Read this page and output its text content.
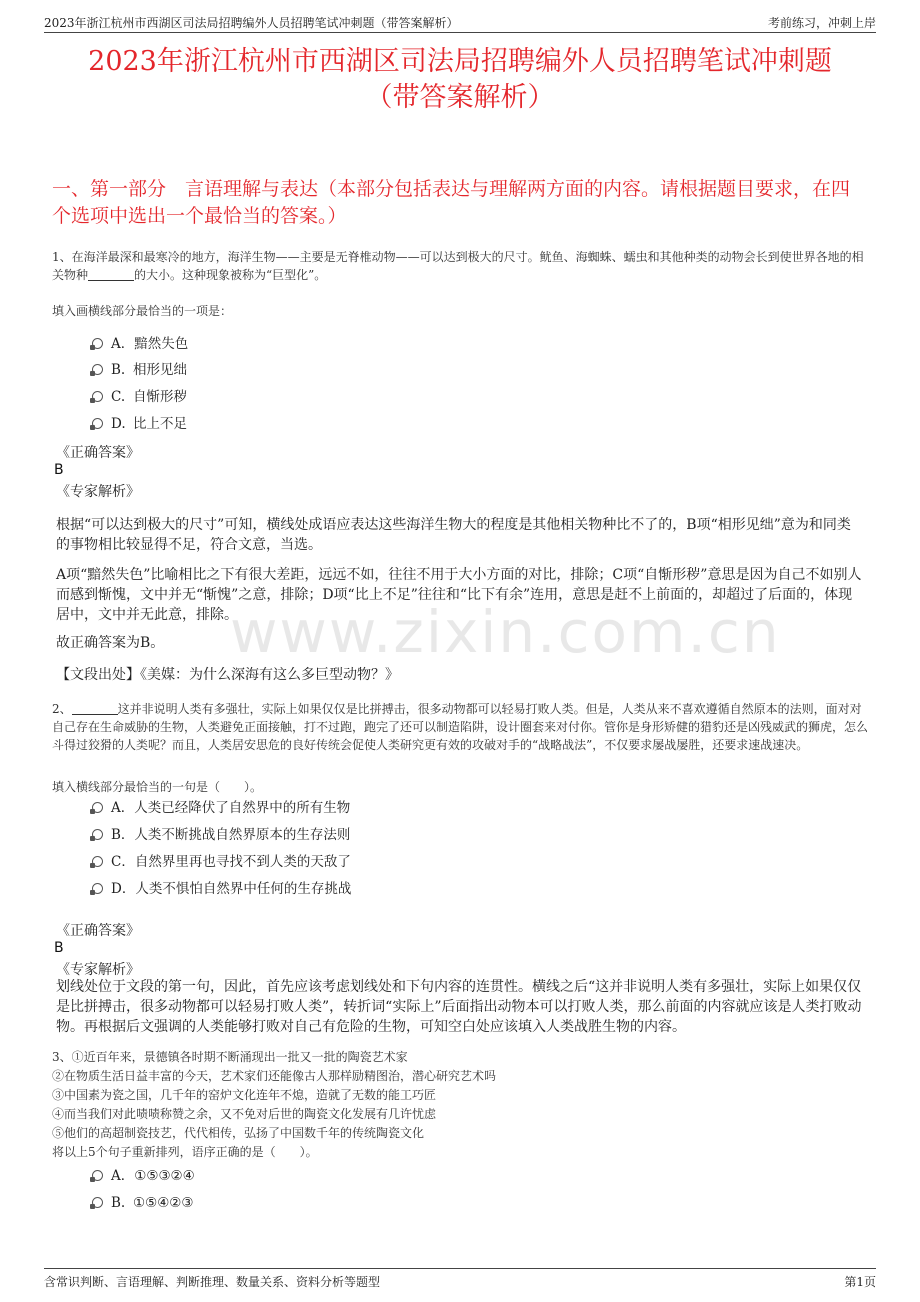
2023年浙江杭州市西湖区司法局招聘编外人员招聘笔试冲刺题（带答案解析）	考前练习，冲刺上岸
2023年浙江杭州市西湖区司法局招聘编外人员招聘笔试冲刺题
（带答案解析）
一、第一部分　言语理解与表达（本部分包括表达与理解两方面的内容。请根据题目要求，在四个选项中选出一个最恰当的答案。）
www.zixin.com.cn
1、在海洋最深和最寒冷的地方，海洋生物——主要是无脊椎动物——可以达到极大的尺寸。鱿鱼、海蜘蛛、蠕虫和其他种类的动物会长到使世界各地的相关物种	的大小。这种现象被称为“巨型化”。
填入画横线部分最恰当的一项是：
A．黯然失色
B. 相形见绌
C. 自惭形秽
D. 比上不足
《正确答案》
B
《专家解析》
根据“可以达到极大的尺寸”可知，横线处成语应表达这些海洋生物大的程度是其他相关物种比不了的，B项“相形见绌”意为和同类的事物相比较显得不足，符合文意，当选。
A项“黯然失色”比喻相比之下有很大差距，远远不如，往往不用于大小方面的对比，排除；C项“自惭形秽”意思是因为自己不如别人而感到惭愧，文中并无“惭愧”之意，排除；D项“比上不足”往往和“比下有余”连用，意思是赶不上前面的，却超过了后面的，体现居中，文中并无此意，排除。
故正确答案为B。
【文段出处】《美媒：为什么深海有这么多巨型动物？》
2、	这并非说明人类有多强壮，实际上如果仅仅是比拼搏击，很多动物都可以轻易打败人类。但是，人类从来不喜欢遵循自然原本的法则，面对对自己存在生命威胁的生物，人类避免正面接触，打不过跑，跑完了还可以制造陷阱，设计圈套来对付你。管你是身形矫健的猎豹还是凶残威武的狮虎，怎么斗得过狡猾的人类呢？而且，人类居安思危的良好传统会促使人类研究更有效的攻破对手的“战略战法”，不仅要求屡战屡胜，还要求速战速决。
填入横线部分最恰当的一句是（　　）。
A．人类已经降伏了自然界中的所有生物
B．人类不断挑战自然界原本的生存法则
C．自然界里再也寻找不到人类的天敌了
D．人类不惧怕自然界中任何的生存挑战
《正确答案》
B
《专家解析》
划线处位于文段的第一句，因此，首先应该考虑划线处和下句内容的连贯性。横线之后“这并非说明人类有多强壮，实际上如果仅仅是比拼搏击，很多动物都可以轻易打败人类”，转折词“实际上”后面指出动物本可以打败人类，那么前面的内容就应该是人类打败动物。再根据后文强调的人类能够打败对自己有危险的生物，可知空白处应该填入人类战胜生物的内容。
3、①近百年来，景德镇各时期不断涌现出一批又一批的陶瓷艺术家
②在物质生活日益丰富的今天，艺术家们还能像古人那样励精图治，潜心研究艺术吗
③中国素为瓷之国，几千年的窑炉文化连年不熄，造就了无数的能工巧匠
④而当我们对此啧啧称赞之余，又不免对后世的陶瓷文化发展有几许忧虑
⑤他们的高超制瓷技艺，代代相传，弘扬了中国数千年的传统陶瓷文化
将以上5个句子重新排列，语序正确的是（　　）。
A．①⑤③②④
B. ①⑤④②③
含常识判断、言语理解、判断推理、数量关系、资料分析等题型	第1页
